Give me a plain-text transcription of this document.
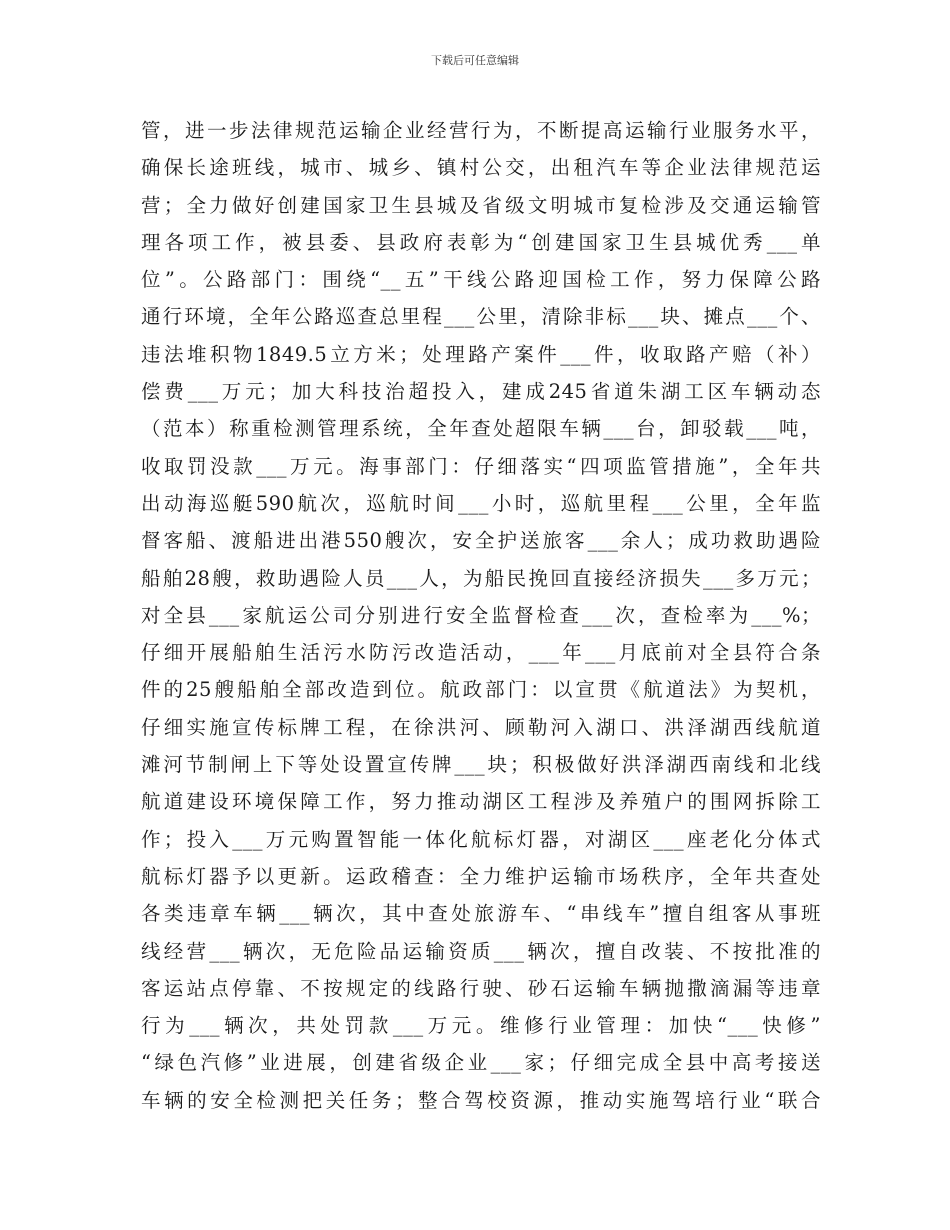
下载后可任意编辑
管，进一步法律规范运输企业经营行为，不断提高运输行业服务水平，
确保长途班线，城市、城乡、镇村公交，出租汽车等企业法律规范运
营；全力做好创建国家卫生县城及省级文明城市复检涉及交通运输管
理各项工作，被县委、县政府表彰为“创建国家卫生县城优秀___单
位”。公路部门：围绕“__五”干线公路迎国检工作，努力保障公路
通行环境，全年公路巡查总里程___公里，清除非标___块、摊点___个、
违法堆积物1849.5立方米；处理路产案件___件，收取路产赔（补）
偿费___万元；加大科技治超投入，建成245省道朱湖工区车辆动态
（范本）称重检测管理系统，全年查处超限车辆___台，卸驳载___吨，
收取罚没款___万元。海事部门：仔细落实“四项监管措施”，全年共
出动海巡艇590航次，巡航时间___小时，巡航里程___公里，全年监
督客船、渡船进出港550艘次，安全护送旅客___余人；成功救助遇险
船舶28艘，救助遇险人员___人，为船民挽回直接经济损失___多万元；
对全县___家航运公司分别进行安全监督检查___次，查检率为___%；
仔细开展船舶生活污水防污改造活动，___年___月底前对全县符合条
件的25艘船舶全部改造到位。航政部门：以宣贯《航道法》为契机，
仔细实施宣传标牌工程，在徐洪河、顾勒河入湖口、洪泽湖西线航道
滩河节制闸上下等处设置宣传牌___块；积极做好洪泽湖西南线和北线
航道建设环境保障工作，努力推动湖区工程涉及养殖户的围网拆除工
作；投入___万元购置智能一体化航标灯器，对湖区___座老化分体式
航标灯器予以更新。运政稽查：全力维护运输市场秩序，全年共查处
各类违章车辆___辆次，其中查处旅游车、“串线车”擅自组客从事班
线经营___辆次，无危险品运输资质___辆次，擅自改装、不按批准的
客运站点停靠、不按规定的线路行驶、砂石运输车辆抛撒滴漏等违章
行为___辆次，共处罚款___万元。维修行业管理：加快“___快修”
“绿色汽修”业进展，创建省级企业___家；仔细完成全县中高考接送
车辆的安全检测把关任务；整合驾校资源，推动实施驾培行业“联合
